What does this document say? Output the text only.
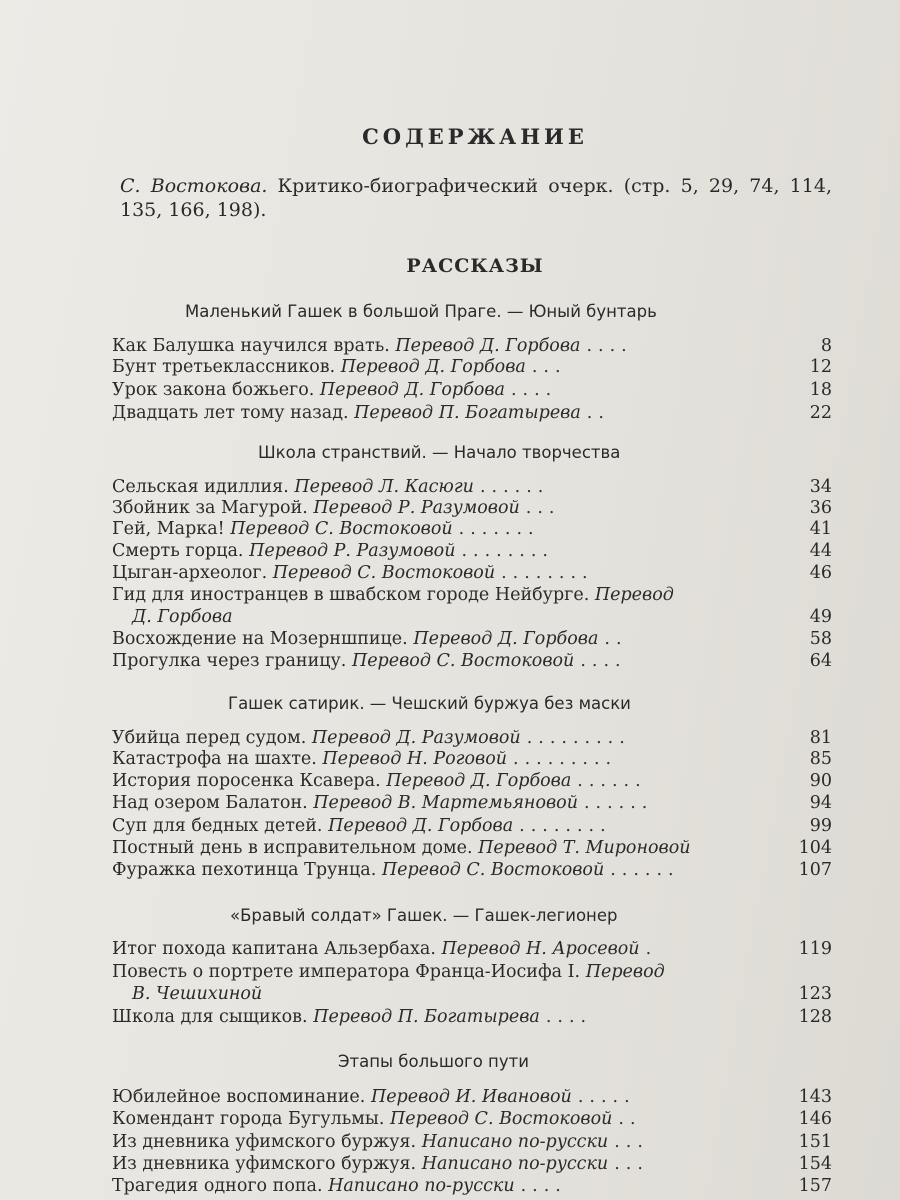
СОДЕРЖАНИЕ
С. Востокова. Критико-биографический очерк. (стр. 5, 29, 74, 114, 135, 166, 198).
РАССКАЗЫ
Маленький Гашек в большой Праге. — Юный бунтарь
Как Балушка научился врать. Перевод Д. Горбова ....	8
Бунт третьеклассников. Перевод Д. Горбова ...	12
Урок закона божьего. Перевод Д. Горбова ....	18
Двадцать лет тому назад. Перевод П. Богатырева ..	22
Школа странствий. — Начало творчества
Сельская идиллия. Перевод Л. Касюги ......	34
Збойник за Магурой. Перевод Р. Разумовой ...	36
Гей, Марка! Перевод С. Востоковой .......	41
Смерть горца. Перевод Р. Разумовой ........	44
Цыган-археолог. Перевод С. Востоковой ........	46
Гид для иностранцев в швабском городе Нейбурге. Перевод
Д. Горбова	49
Восхождение на Мозерншпице. Перевод Д. Горбова ..	58
Прогулка через границу. Перевод С. Востоковой ....	64
Гашек сатирик. — Чешский буржуа без маски
Убийца перед судом. Перевод Д. Разумовой .........	81
Катастрофа на шахте. Перевод Н. Роговой .........	85
История поросенка Ксавера. Перевод Д. Горбова ......	90
Над озером Балатон. Перевод В. Мартемьяновой ......	94
Суп для бедных детей. Перевод Д. Горбова ........	99
Постный день в исправительном доме. Перевод Т. Мироновой	104
Фуражка пехотинца Трунца. Перевод С. Востоковой ......	107
«Бравый солдат» Гашек. — Гашек-легионер
Итог похода капитана Альзербаха. Перевод Н. Аросевой .	119
Повесть о портрете императора Франца-Иосифа I. Перевод
В. Чешихиной	123
Школа для сыщиков. Перевод П. Богатырева ....	128
Этапы большого пути
Юбилейное воспоминание. Перевод И. Ивановой .....	143
Комендант города Бугульмы. Перевод С. Востоковой ..	146
Из дневника уфимского буржуя. Написано по-русски ...	151
Из дневника уфимского буржуя. Написано по-русски ...	154
Трагедия одного попа. Написано по-русски ....	157
